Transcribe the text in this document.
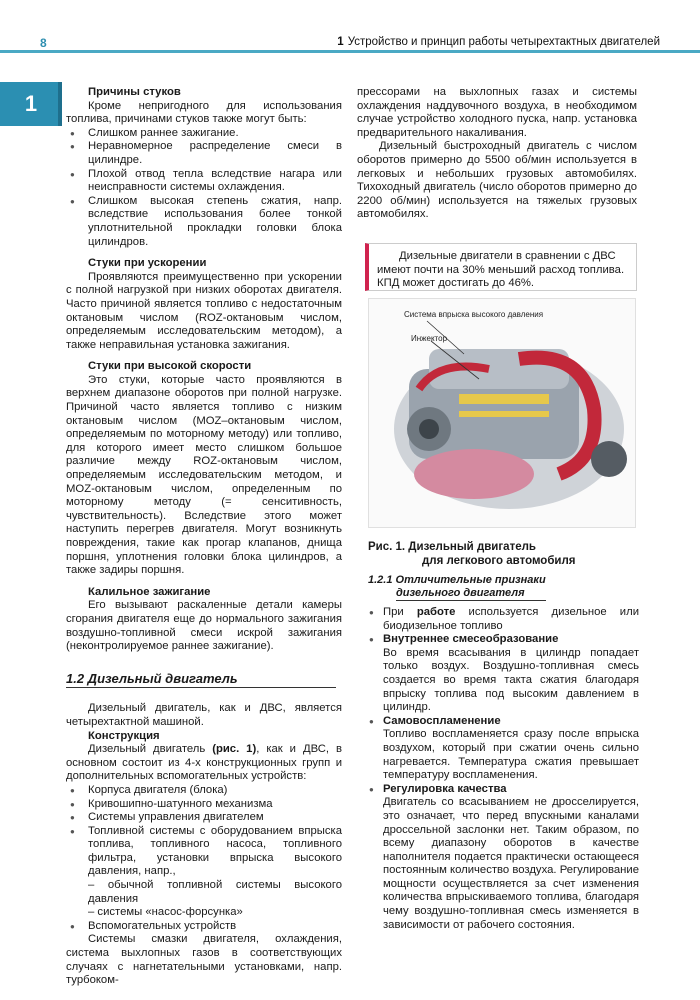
8	1 Устройство и принцип работы четырехтактных двигателей
1	Причины стуков

Кроме непригодного для использования топлива, причинами стуков также могут быть:

● Слишком раннее зажигание.
● Неравномерное распределение смеси в цилиндре.
● Плохой отвод тепла вследствие нагара или неисправности системы охлаждения.
● Слишком высокая степень сжатия, напр. вследствие использования более тонкой уплотнительной прокладки головки блока цилиндров.

Стуки при ускорении

Проявляются преимущественно при ускорении с полной нагрузкой при низких оборотах двигателя. Часто причиной является топливо с недостаточным октановым числом (ROZ-октановым числом, определяемым исследовательским методом), а также неправильная установка зажигания.

Стуки при высокой скорости

Это стуки, которые часто проявляются в верхнем диапазоне оборотов при полной нагрузке. Причиной часто является топливо с низким октановым числом (MOZ–октановым числом, определяемым по моторному методу) или топливо, для которого имеет место слишком большое различие между ROZ-октановым числом, определяемым исследовательским методом, и MOZ-октановым числом, определенным по моторному методу (= сенситивность, чувствительность). Вследствие этого может наступить перегрев двигателя. Могут возникнуть повреждения, такие как прогар клапанов, днища поршня, уплотнения головки блока цилиндров, а также задиры поршня.

Калильное зажигание

Его вызывают раскаленные детали камеры сгорания двигателя еще до нормального зажигания воздушно-топливной смеси искрой зажигания (неконтролируемое раннее зажигание).

1.2 Дизельный двигатель

Дизельный двигатель, как и ДВС, является четырехтактной машиной.

Конструкция

Дизельный двигатель (рис. 1), как и ДВС, в основном состоит из 4-х конструкционных групп и дополнительных вспомогательных устройств:

● Корпуса двигателя (блока)
● Кривошипно-шатунного механизма
● Системы управления двигателем
● Топливной системы с оборудованием впрыска топлива, топливного насоса, топливного фильтра, установки впрыска высокого давления, напр.,
– обычной топливной системы высокого давления
– системы «насос-форсунка»
● Вспомогательных устройств

Системы смазки двигателя, охлаждения, система выхлопных газов в соответствующих случаях с нагнетательными установками, напр. турбоком-

прессорами на выхлопных газах и системы охлаждения наддувочного воздуха, в необходимом случае устройство холодного пуска, напр. установка предварительного накаливания.

Дизельный быстроходный двигатель с числом оборотов примерно до 5500 об/мин используется в легковых и небольших грузовых автомобилях. Тихоходный двигатель (число оборотов примерно до 2200 об/мин) используется на тяжелых грузовых автомобилях.

Дизельные двигатели в сравнении с ДВС имеют почти на 30% меньший расход топлива. КПД может достигать до 46%.

Система впрыска высокого давления
Инжектор
Рис. 1. Дизельный двигатель
для легкового автомобиля
1.2.1 Отличительные признаки
дизельного двигателя
● При работе используется дизельное или биодизельное топливо
● Внутреннее смесеобразование

Во время всасывания в цилиндр попадает только воздух. Воздушно-топливная смесь создается во время такта сжатия благодаря впрыску топлива под высоким давлением в цилиндр.

● Самовоспламенение

Топливо воспламеняется сразу после впрыска воздухом, который при сжатии очень сильно нагревается. Температура сжатия превышает температуру воспламенения.

● Регулировка качества

Двигатель со всасыванием не дросселируется, это означает, что перед впускными каналами дроссельной заслонки нет. Таким образом, по всему диапазону оборотов в качестве наполнителя подается практически остающееся постоянным количество воздуха. Регулирование мощности осуществляется за счет изменения количества впрыскиваемого топлива, благодаря чему воздушно-топливная смесь изменяется в зависимости от рабочего состояния.
